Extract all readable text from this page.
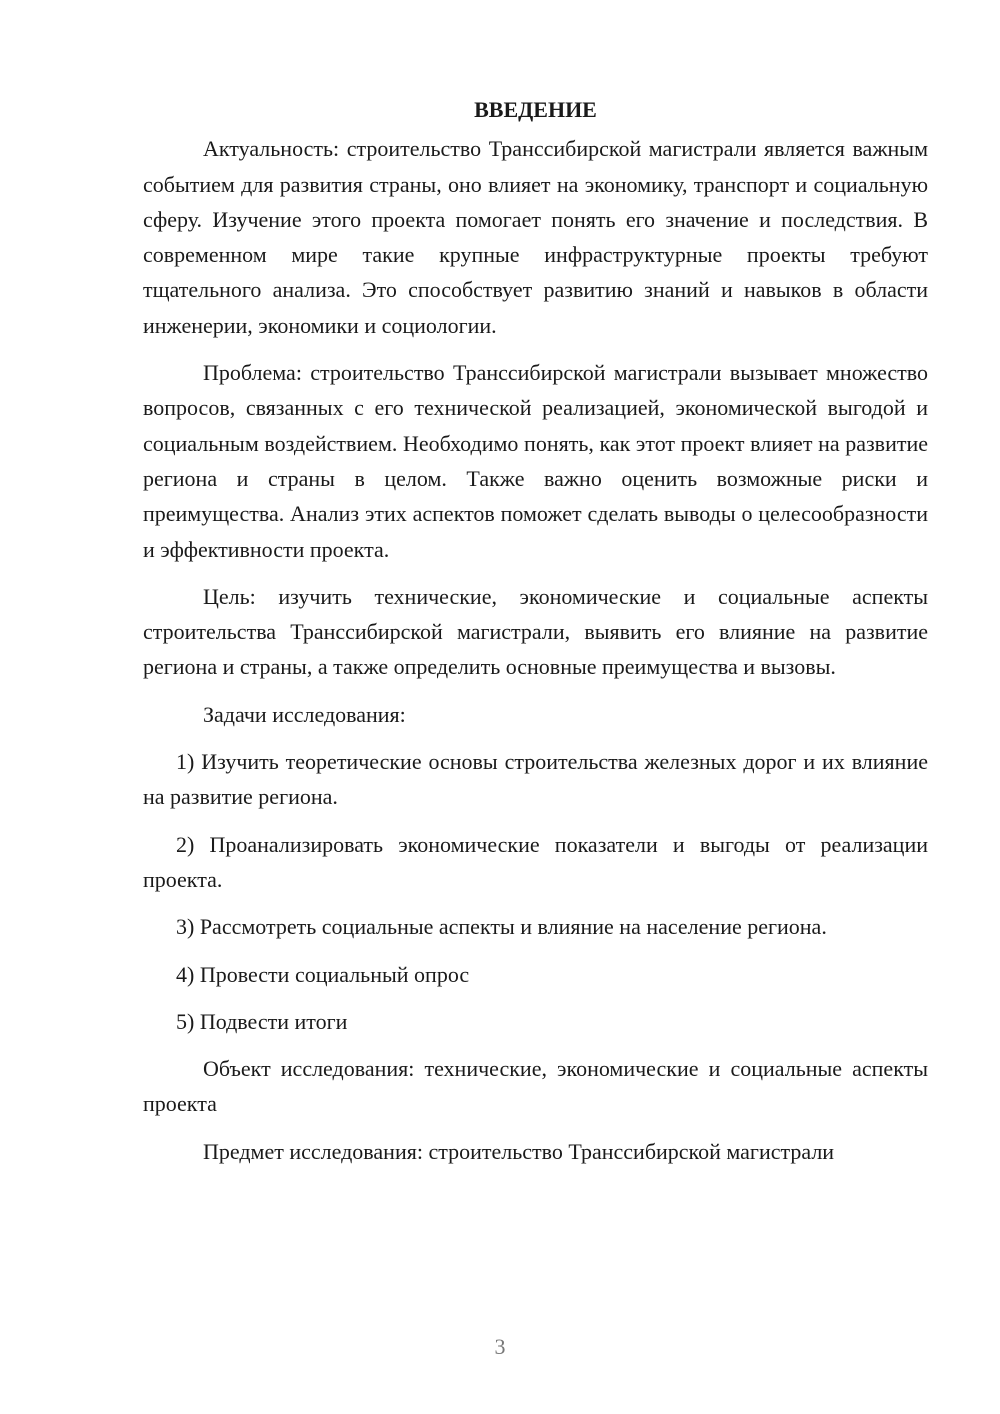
ВВЕДЕНИЕ

Актуальность: строительство Транссибирской магистрали является важным событием для развития страны, оно влияет на экономику, транспорт и социальную сферу. Изучение этого проекта помогает понять его значение и последствия. В современном мире такие крупные инфраструктурные проекты требуют тщательного анализа. Это способствует развитию знаний и навыков в области инженерии, экономики и социологии.

Проблема: строительство Транссибирской магистрали вызывает множество вопросов, связанных с его технической реализацией, экономической выгодой и социальным воздействием. Необходимо понять, как этот проект влияет на развитие региона и страны в целом. Также важно оценить возможные риски и преимущества. Анализ этих аспектов поможет сделать выводы о целесообразности и эффективности проекта.

Цель: изучить технические, экономические и социальные аспекты строительства Транссибирской магистрали, выявить его влияние на развитие региона и страны, а также определить основные преимущества и вызовы.

Задачи исследования:

1) Изучить теоретические основы строительства железных дорог и их влияние на развитие региона.

2) Проанализировать экономические показатели и выгоды от реализации проекта.

3) Рассмотреть социальные аспекты и влияние на население региона.

4) Провести социальный опрос

5) Подвести итоги

Объект исследования: технические, экономические и социальные аспекты проекта

Предмет исследования: строительство Транссибирской магистрали

3
